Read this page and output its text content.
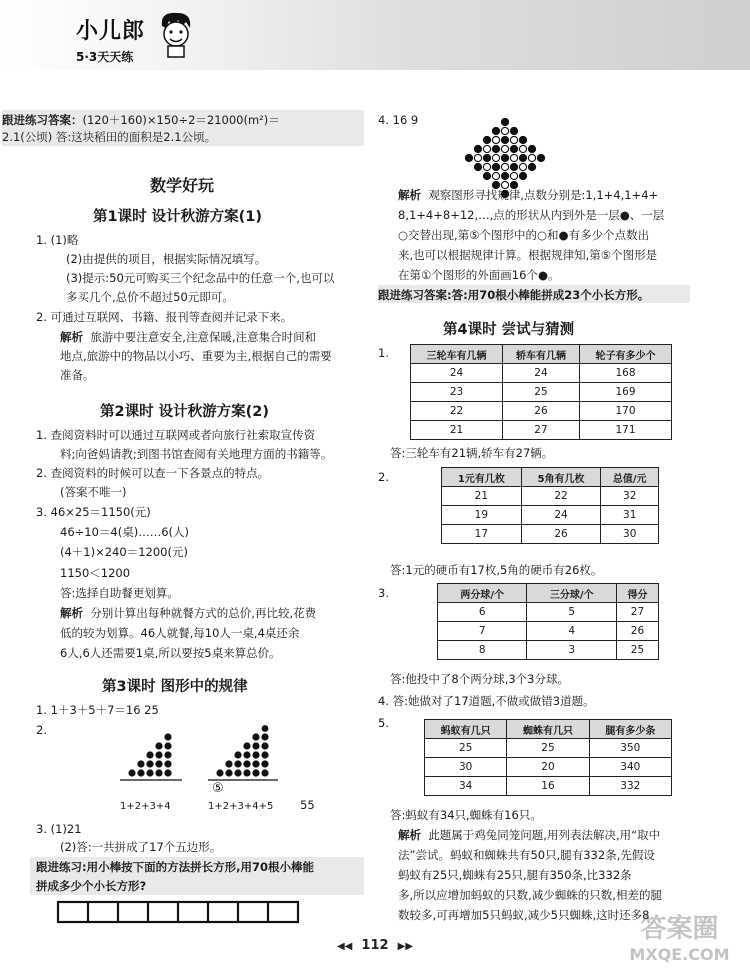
小儿郎
5·3天天练
跟进练习答案：(120＋160)×150÷2＝21000(m²)＝
2.1(公顷) 答:这块稻田的面积是2.1公顷。
数学好玩
第1课时 设计秋游方案(1)
1. (1)略
(2)由提供的项目，根据实际情况填写。
(3)提示:50元可购买三个纪念品中的任意一个,也可以
多买几个,总价不超过50元即可。
2. 可通过互联网、书籍、报刊等查阅并记录下来。
解析 旅游中要注意安全,注意保暖,注意集合时间和
地点,旅游中的物品以小巧、重要为主,根据自己的需要
准备。
第2课时 设计秋游方案(2)
1. 查阅资料时可以通过互联网或者向旅行社索取宣传资
料;向爸妈请教;到图书馆查阅有关地理方面的书籍等。
2. 查阅资料的时候可以查一下各景点的特点。
(答案不唯一)
3. 46×25＝1150(元)
46÷10＝4(桌)……6(人)
(4＋1)×240＝1200(元)
1150＜1200
答:选择自助餐更划算。
解析 分别计算出每种就餐方式的总价,再比较,花费
低的较为划算。46人就餐,每10人一桌,4桌还余
6人,6人还需要1桌,所以要按5桌来算总价。
第3课时 图形中的规律
1. 1＋3＋5＋7＝16 25
2.
⑤
1+2+3+4	1+2+3+4+5 55
3. (1)21
(2)答:一共拼成了17个五边形。
跟进练习:用小棒按下面的方法拼长方形,用70根小棒能
拼成多少个小长方形?
4. 16 9
解析 观察图形寻找规律,点数分别是:1,1+4,1+4+
8,1+4+8+12,…,点的形状从内到外是一层●、一层
○交替出现,第⑤个图形中的○和●有多少个点数出
来,也可以根据规律计算。根据规律知,第⑤个图形是
在第①个图形的外面画16个●。
跟进练习答案:答:用70根小棒能拼成23个小长方形。
第4课时 尝试与猜测
1.	三轮车有几辆	轿车有几辆	轮子有多少个
24	24	168
23	25	169
22	26	170
21	27	171
答:三轮车有21辆,轿车有27辆。
2.	1元有几枚	5角有几枚	总值/元
21	22	32
19	24	31
17	26	30
答:1元的硬币有17枚,5角的硬币有26枚。
3.	两分球/个	三分球/个	得分
6	5	27
7	4	26
8	3	25
答:他投中了8个两分球,3个3分球。
4. 答:她做对了17道题,不做或做错3道题。
5.
蚂蚁有几只	蜘蛛有几只	腿有多少条
25	25	350
30	20	340
34	16	332
答:蚂蚁有34只,蜘蛛有16只。
解析 此题属于鸡兔同笼问题,用列表法解决,用“取中
法”尝试。蚂蚁和蜘蛛共有50只,腿有332条,先假设
蚂蚁有25只,蜘蛛有25只,腿有350条,比332条
多,所以应增加蚂蚁的只数,减少蜘蛛的只数,相差的腿
数较多,可再增加5只蚂蚁,减少5只蜘蛛,这时还多8
◀◀ 112 ▶▶
答案圈
MXQE.COM
